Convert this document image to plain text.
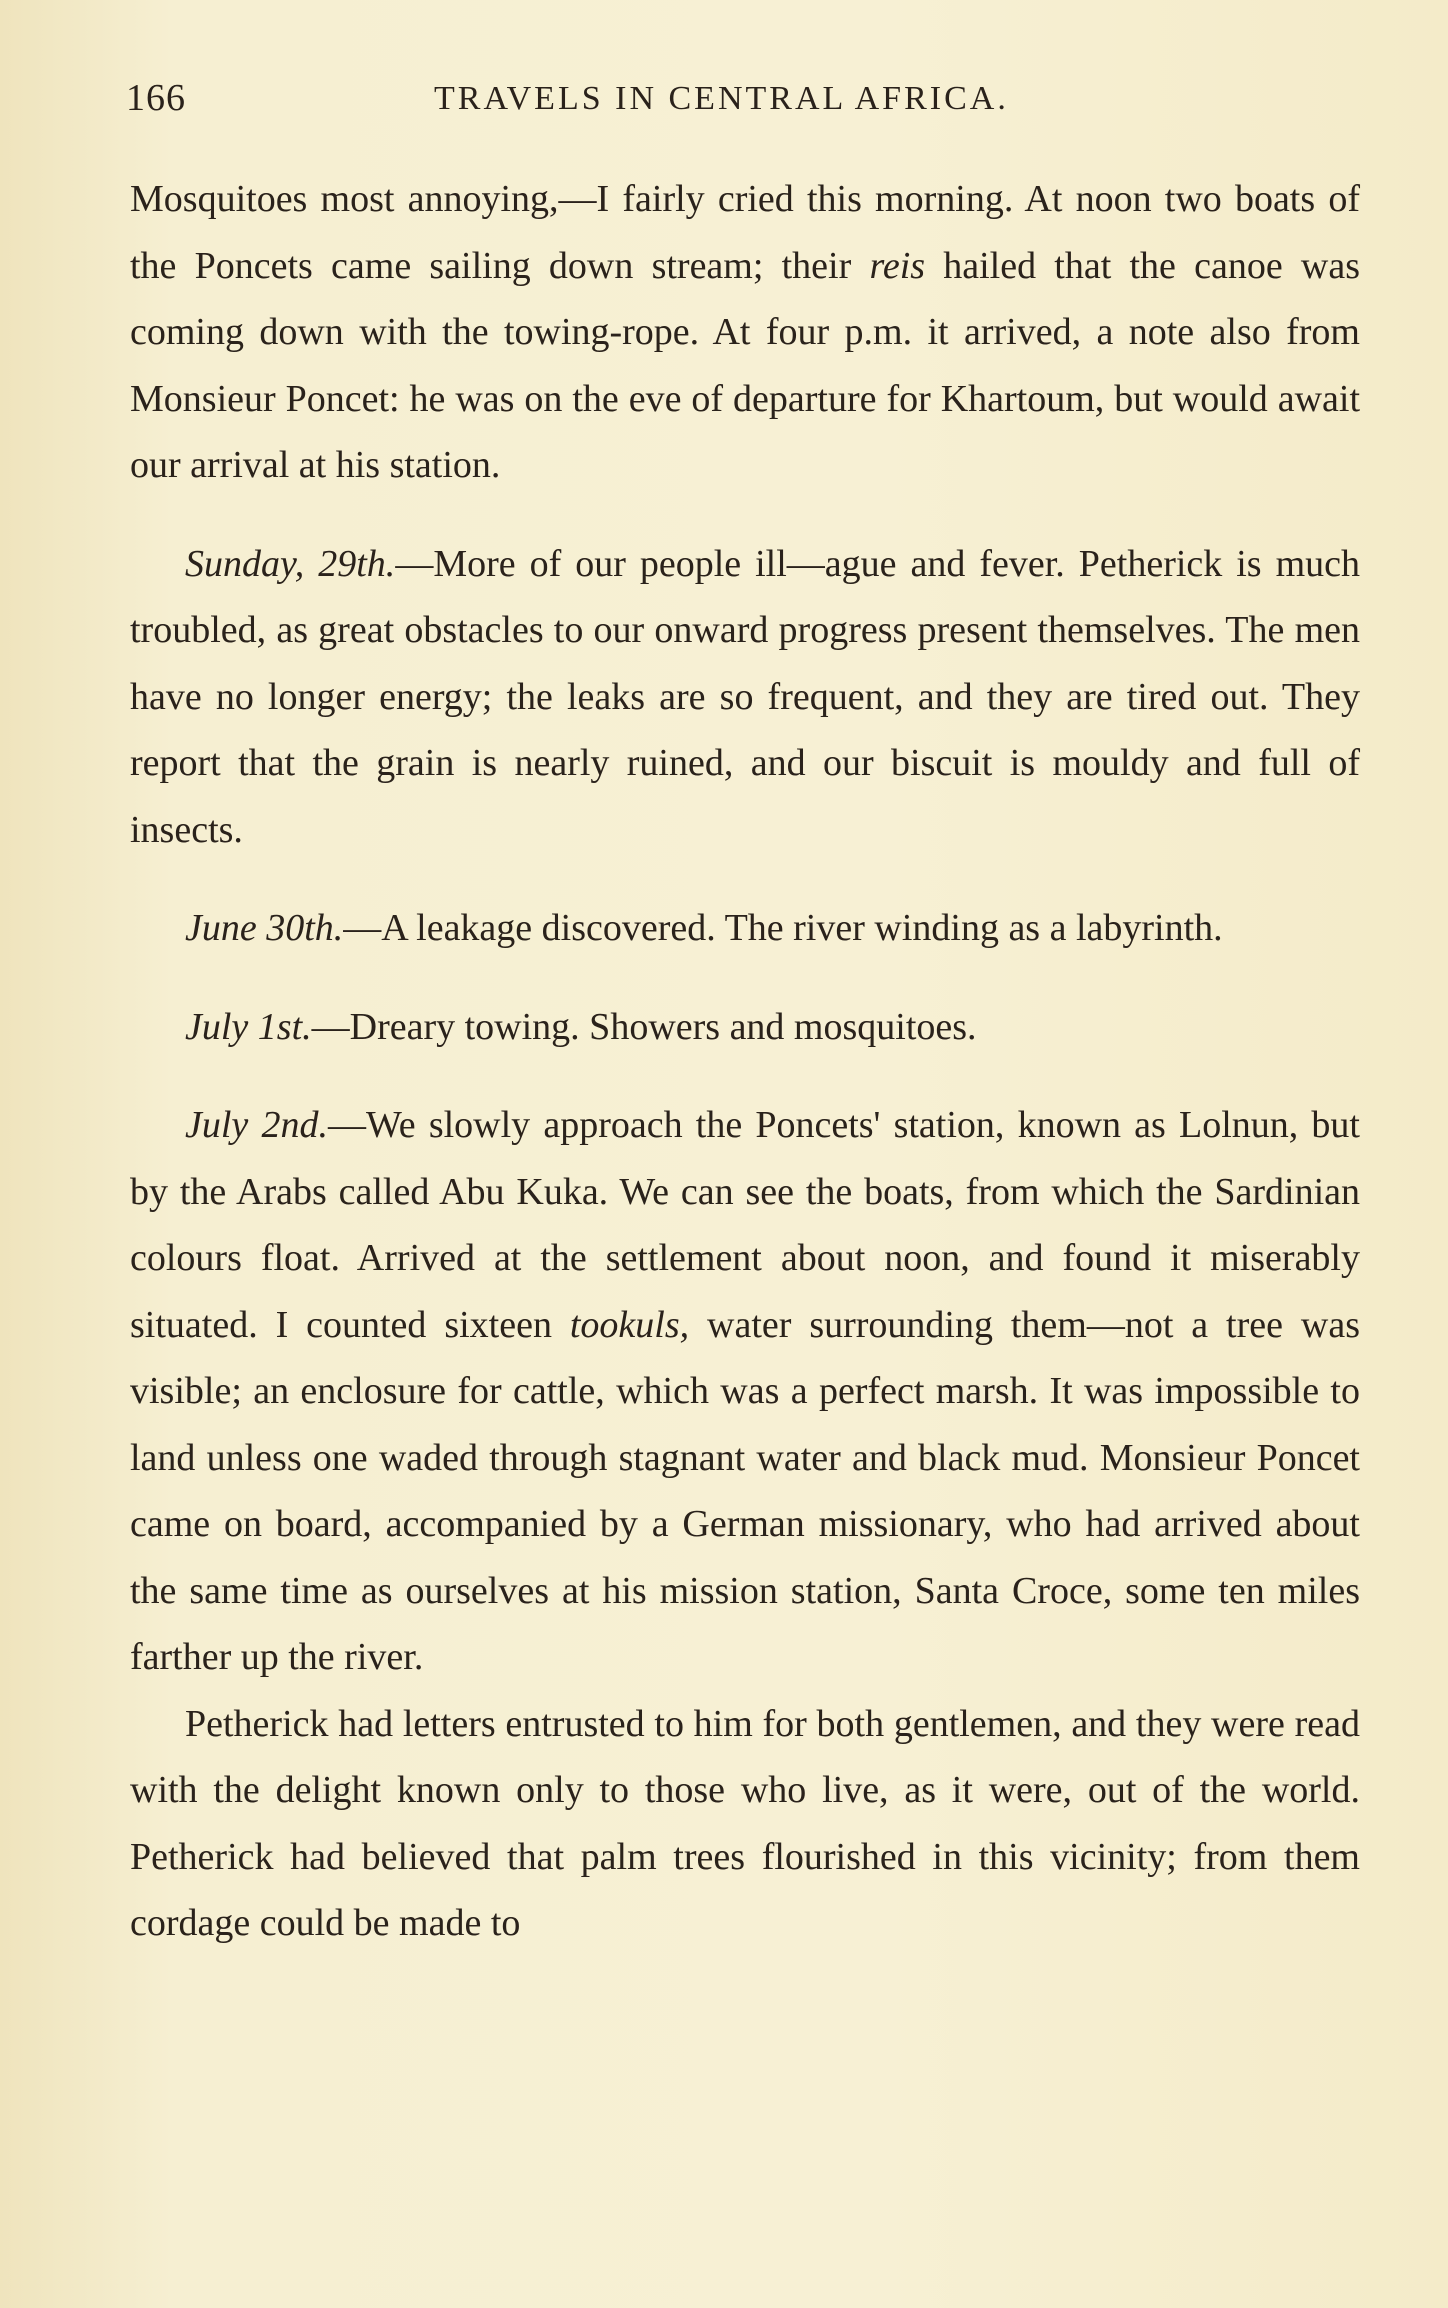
166	TRAVELS IN CENTRAL AFRICA.

Mosquitoes most annoying,—I fairly cried this morning. At noon two boats of the Poncets came sailing down stream; their reis hailed that the canoe was coming down with the towing-rope. At four p.m. it arrived, a note also from Monsieur Poncet: he was on the eve of departure for Khartoum, but would await our arrival at his station.

Sunday, 29th.—More of our people ill—ague and fever. Petherick is much troubled, as great obstacles to our onward progress present themselves. The men have no longer energy; the leaks are so frequent, and they are tired out. They report that the grain is nearly ruined, and our biscuit is mouldy and full of insects.

June 30th.—A leakage discovered. The river winding as a labyrinth.

July 1st.—Dreary towing. Showers and mosquitoes.

July 2nd.—We slowly approach the Poncets' station, known as Lolnun, but by the Arabs called Abu Kuka. We can see the boats, from which the Sardinian colours float. Arrived at the settlement about noon, and found it miserably situated. I counted sixteen tookuls, water surrounding them—not a tree was visible; an enclosure for cattle, which was a perfect marsh. It was impossible to land unless one waded through stagnant water and black mud. Monsieur Poncet came on board, accompanied by a German missionary, who had arrived about the same time as ourselves at his mission station, Santa Croce, some ten miles farther up the river.

Petherick had letters entrusted to him for both gentlemen, and they were read with the delight known only to those who live, as it were, out of the world. Petherick had believed that palm trees flourished in this vicinity; from them cordage could be made to
